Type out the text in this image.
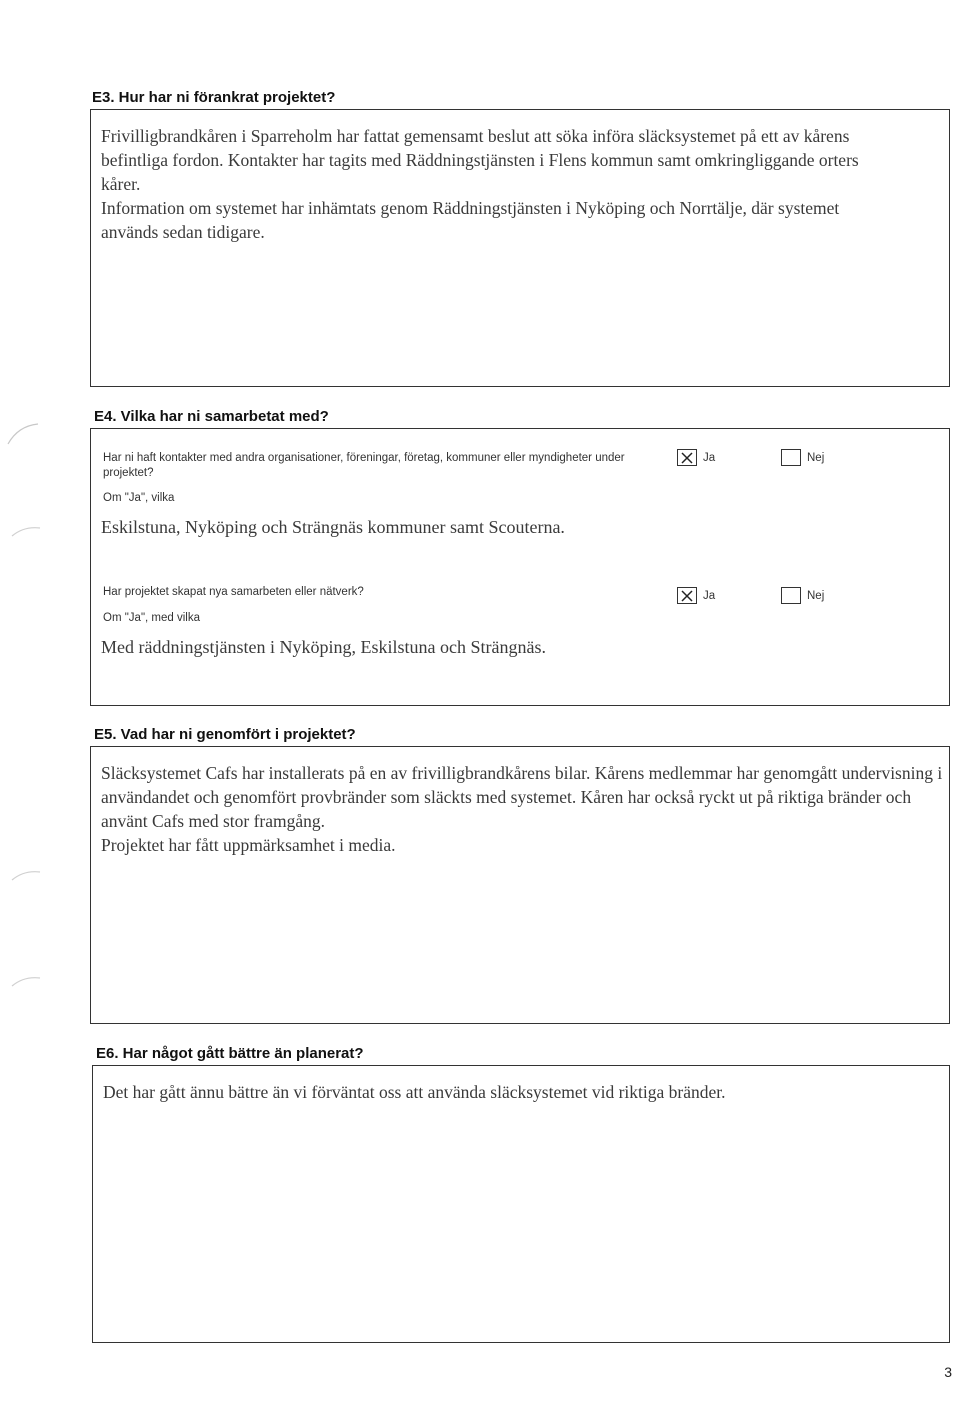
E3. Hur har ni förankrat projektet?

Frivilligbrandkåren i Sparreholm har fattat gemensamt beslut att söka införa släcksystemet på ett av kårens befintliga fordon. Kontakter har tagits med Räddningstjänsten i Flens kommun samt omkringliggande orters kårer.

Information om systemet har inhämtats genom Räddningstjänsten i Nyköping och Norrtälje, där systemet används sedan tidigare.

E4. Vilka har ni samarbetat med?

Har ni haft kontakter med andra organisationer, föreningar, företag, kommuner eller myndigheter under projektet?

Ja	Nej

Om "Ja", vilka

Eskilstuna, Nyköping och Strängnäs kommuner samt Scouterna.

Har projektet skapat nya samarbeten eller nätverk?	Ja	Nej

Om "Ja", med vilka

Med räddningstjänsten i Nyköping, Eskilstuna och Strängnäs.

E5. Vad har ni genomfört i projektet?

Släcksystemet Cafs har installerats på en av frivilligbrandkårens bilar. Kårens medlemmar har genomgått undervisning i användandet och genomfört provbränder som släckts med systemet. Kåren har också ryckt ut på riktiga bränder och använt Cafs med stor framgång.

Projektet har fått uppmärksamhet i media.

E6. Har något gått bättre än planerat?

Det har gått ännu bättre än vi förväntat oss att använda släcksystemet vid riktiga bränder.

3
